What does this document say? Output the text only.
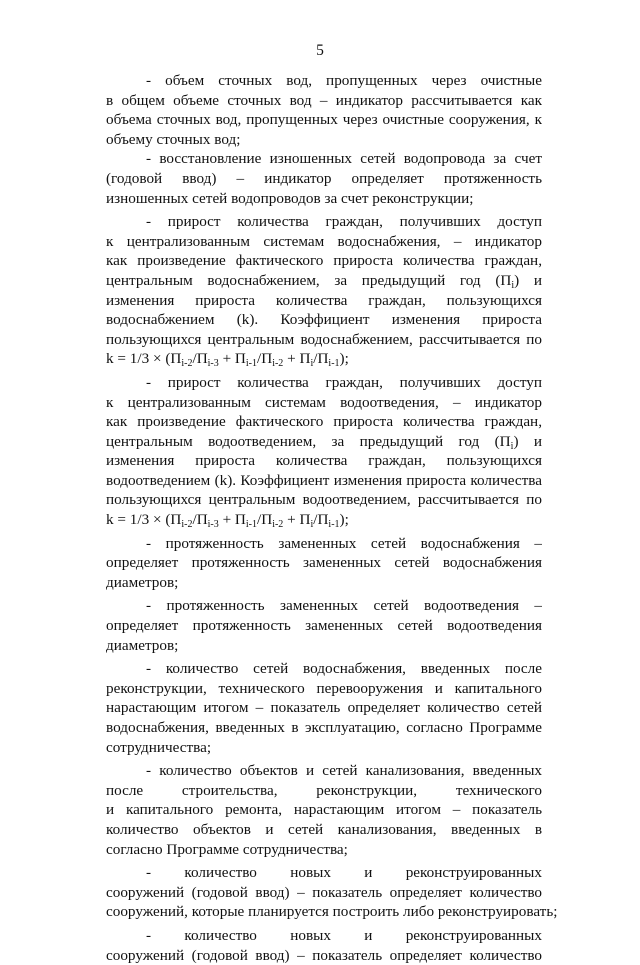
5
- объем сточных вод, пропущенных через очистные
в общем объеме сточных вод – индикатор рассчитывается как
объема сточных вод, пропущенных через очистные сооружения, к
объему сточных вод;
- восстановление изношенных сетей водопровода за счет
(годовой ввод) – индикатор определяет протяженность
изношенных сетей водопроводов за счет реконструкции;
- прирост количества граждан, получивших доступ
к централизованным системам водоснабжения, – индикатор
как произведение фактического прироста количества граждан,
центральным водоснабжением, за предыдущий год $(П_i)$ и
изменения прироста количества граждан, пользующихся
водоснабжением (k). Коэффициент изменения прироста
пользующихся центральным водоснабжением, рассчитывается по
$k = 1/3 \times (П_{i-2}/П_{i-3} + П_{i-1}/П_{i-2} + П_i/П_{i-1})$;
- прирост количества граждан, получивших доступ
к централизованным системам водоотведения, – индикатор
как произведение фактического прироста количества граждан,
центральным водоотведением, за предыдущий год $(П_i)$ и
изменения прироста количества граждан, пользующихся
водоотведением (k). Коэффициент изменения прироста количества
пользующихся центральным водоотведением, рассчитывается по
$k = 1/3 \times (П_{i-2}/П_{i-3} + П_{i-1}/П_{i-2} + П_i/П_{i-1})$;
- протяженность замененных сетей водоснабжения –
определяет протяженность замененных сетей водоснабжения
диаметров;
- протяженность замененных сетей водоотведения –
определяет протяженность замененных сетей водоотведения
диаметров;
- количество сетей водоснабжения, введенных после
реконструкции, технического перевооружения и капитального
нарастающим итогом – показатель определяет количество сетей
водоснабжения, введенных в эксплуатацию, согласно Программе
сотрудничества;
- количество объектов и сетей канализования, введенных
после строительства, реконструкции, технического
и капитального ремонта, нарастающим итогом – показатель
количество объектов и сетей канализования, введенных в
согласно Программе сотрудничества;
- количество новых и реконструированных
сооружений (годовой ввод) – показатель определяет количество
сооружений, которые планируется построить либо реконструировать;
- количество новых и реконструированных
сооружений (годовой ввод) – показатель определяет количество
